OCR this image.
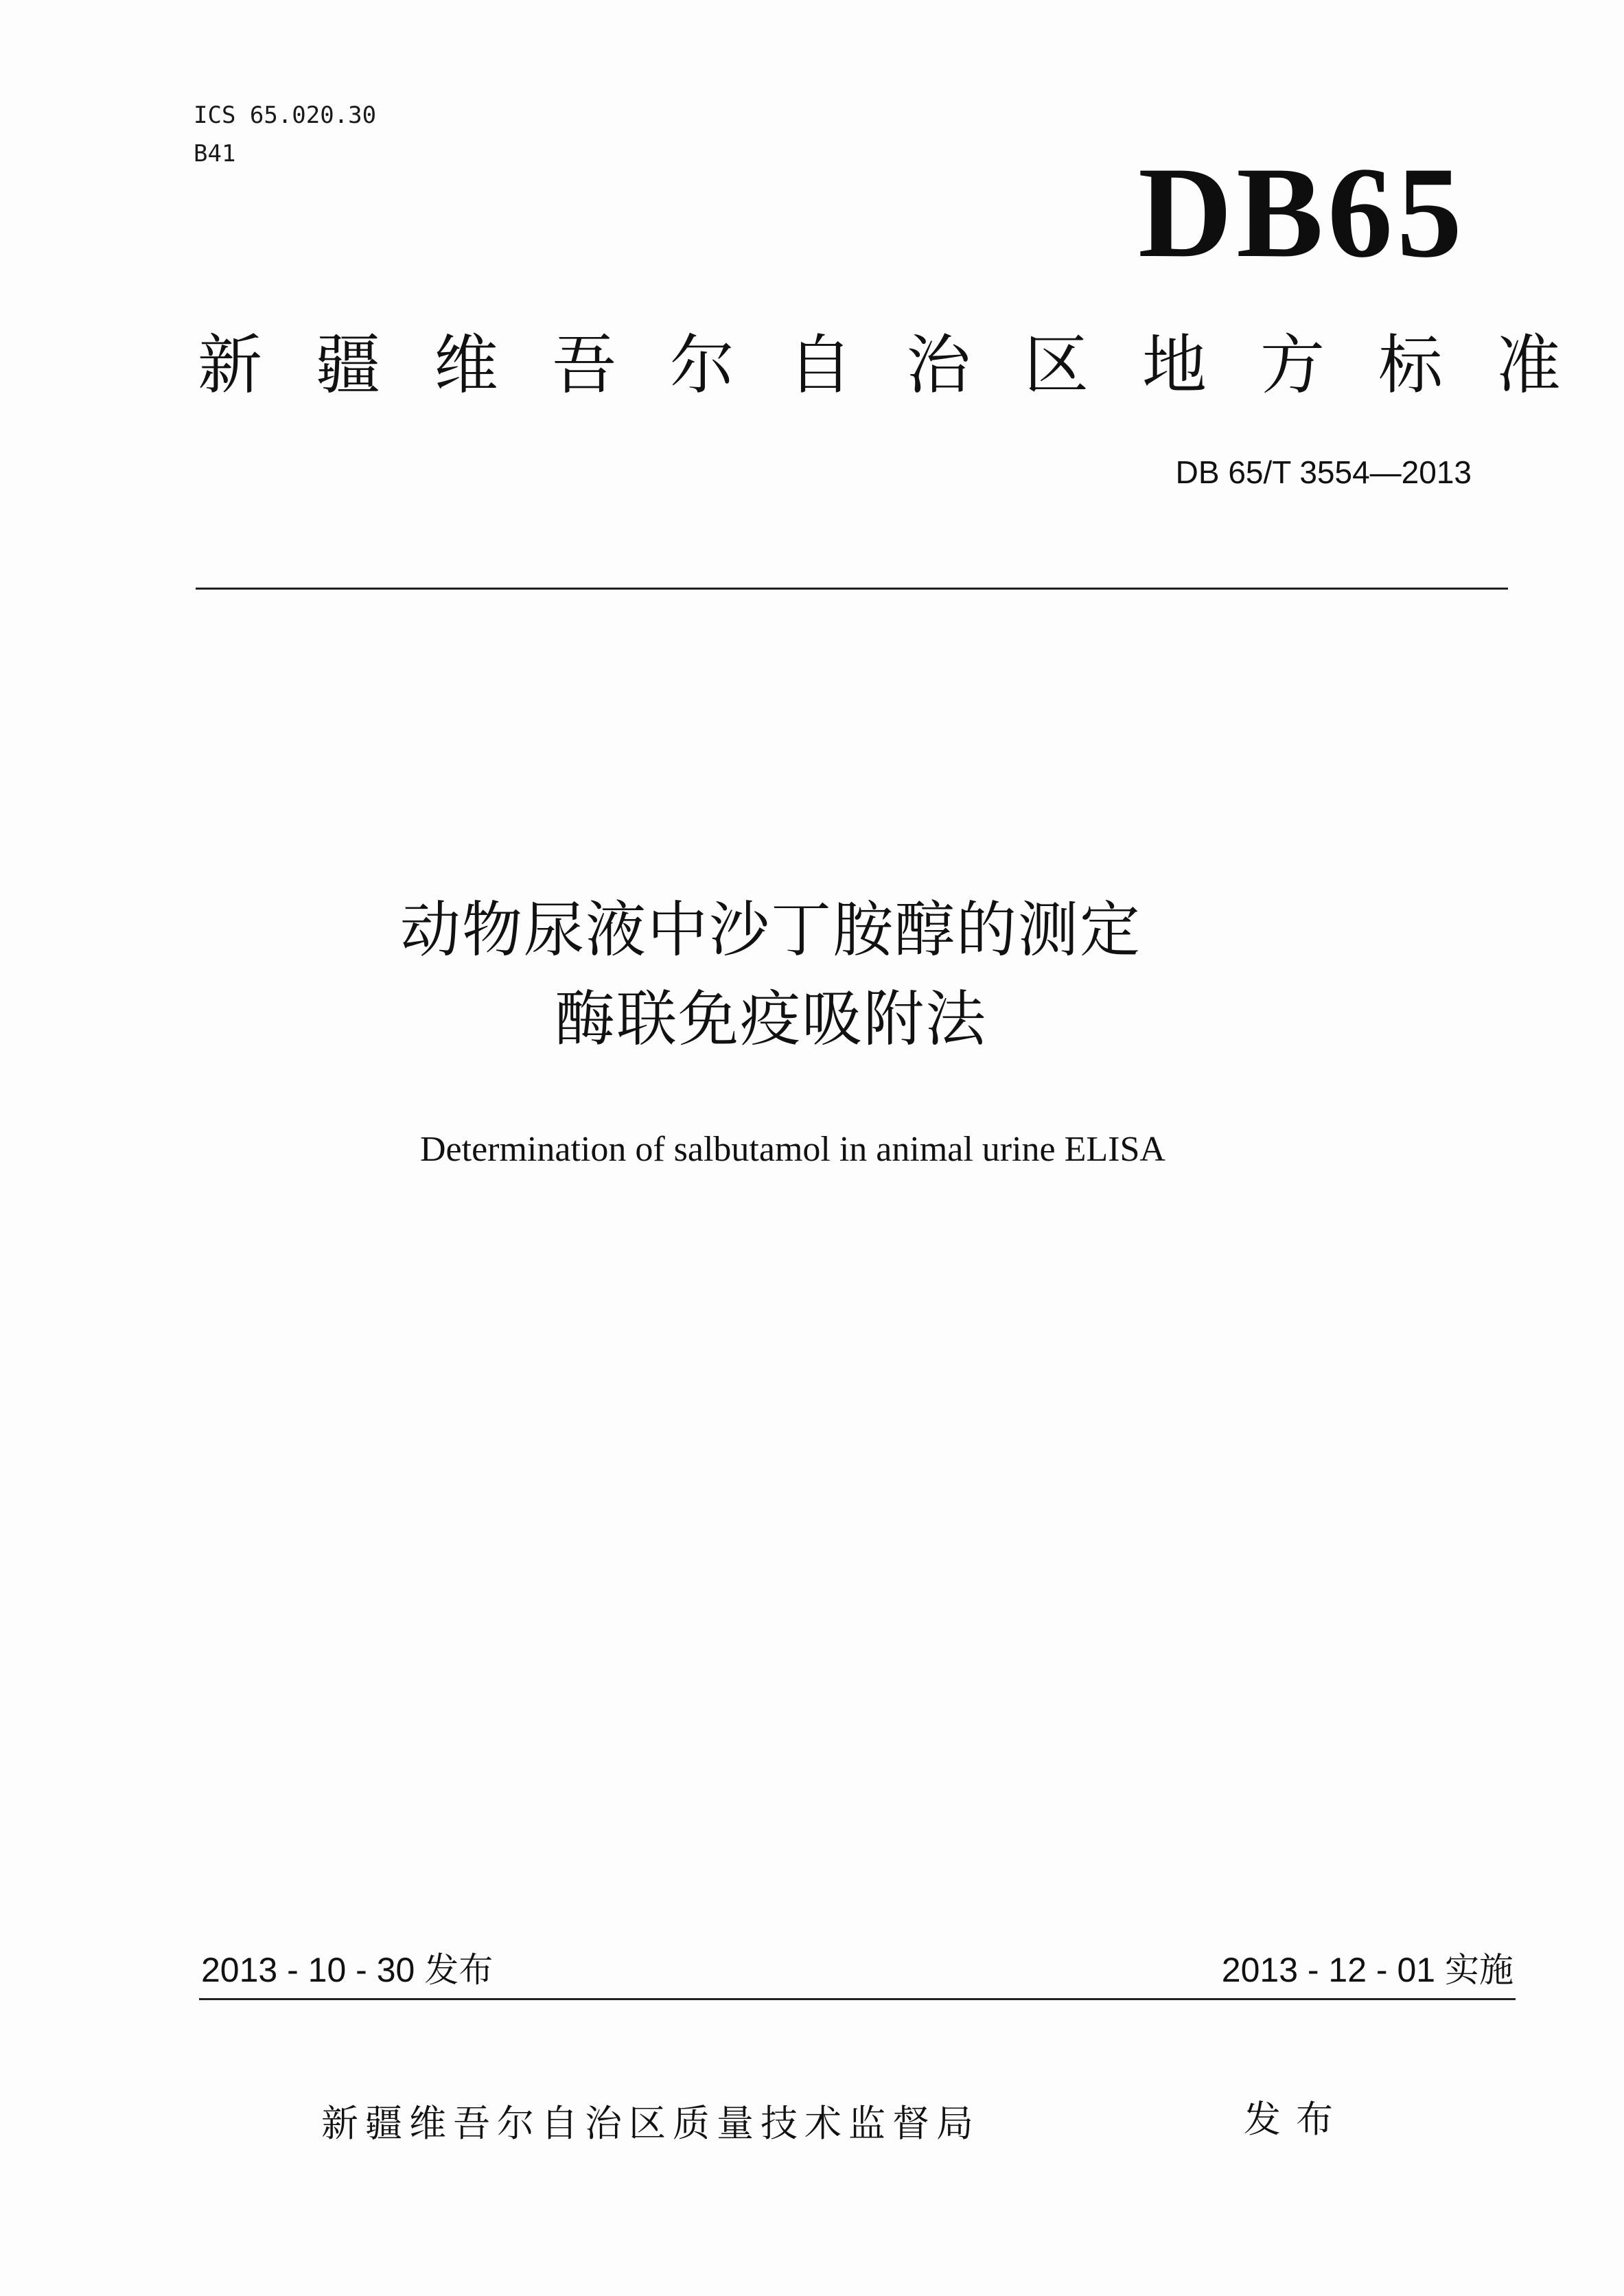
ICS 65.020.30
B41	DB65
新疆维吾尔自治区地方标准
DB 65/T 3554—2013
动物尿液中沙丁胺醇的测定
酶联免疫吸附法
Determination of salbutamol in animal urine ELISA
2013 - 10 - 30 发布	2013 - 12 - 01 实施
新疆维吾尔自治区质量技术监督局	发布
